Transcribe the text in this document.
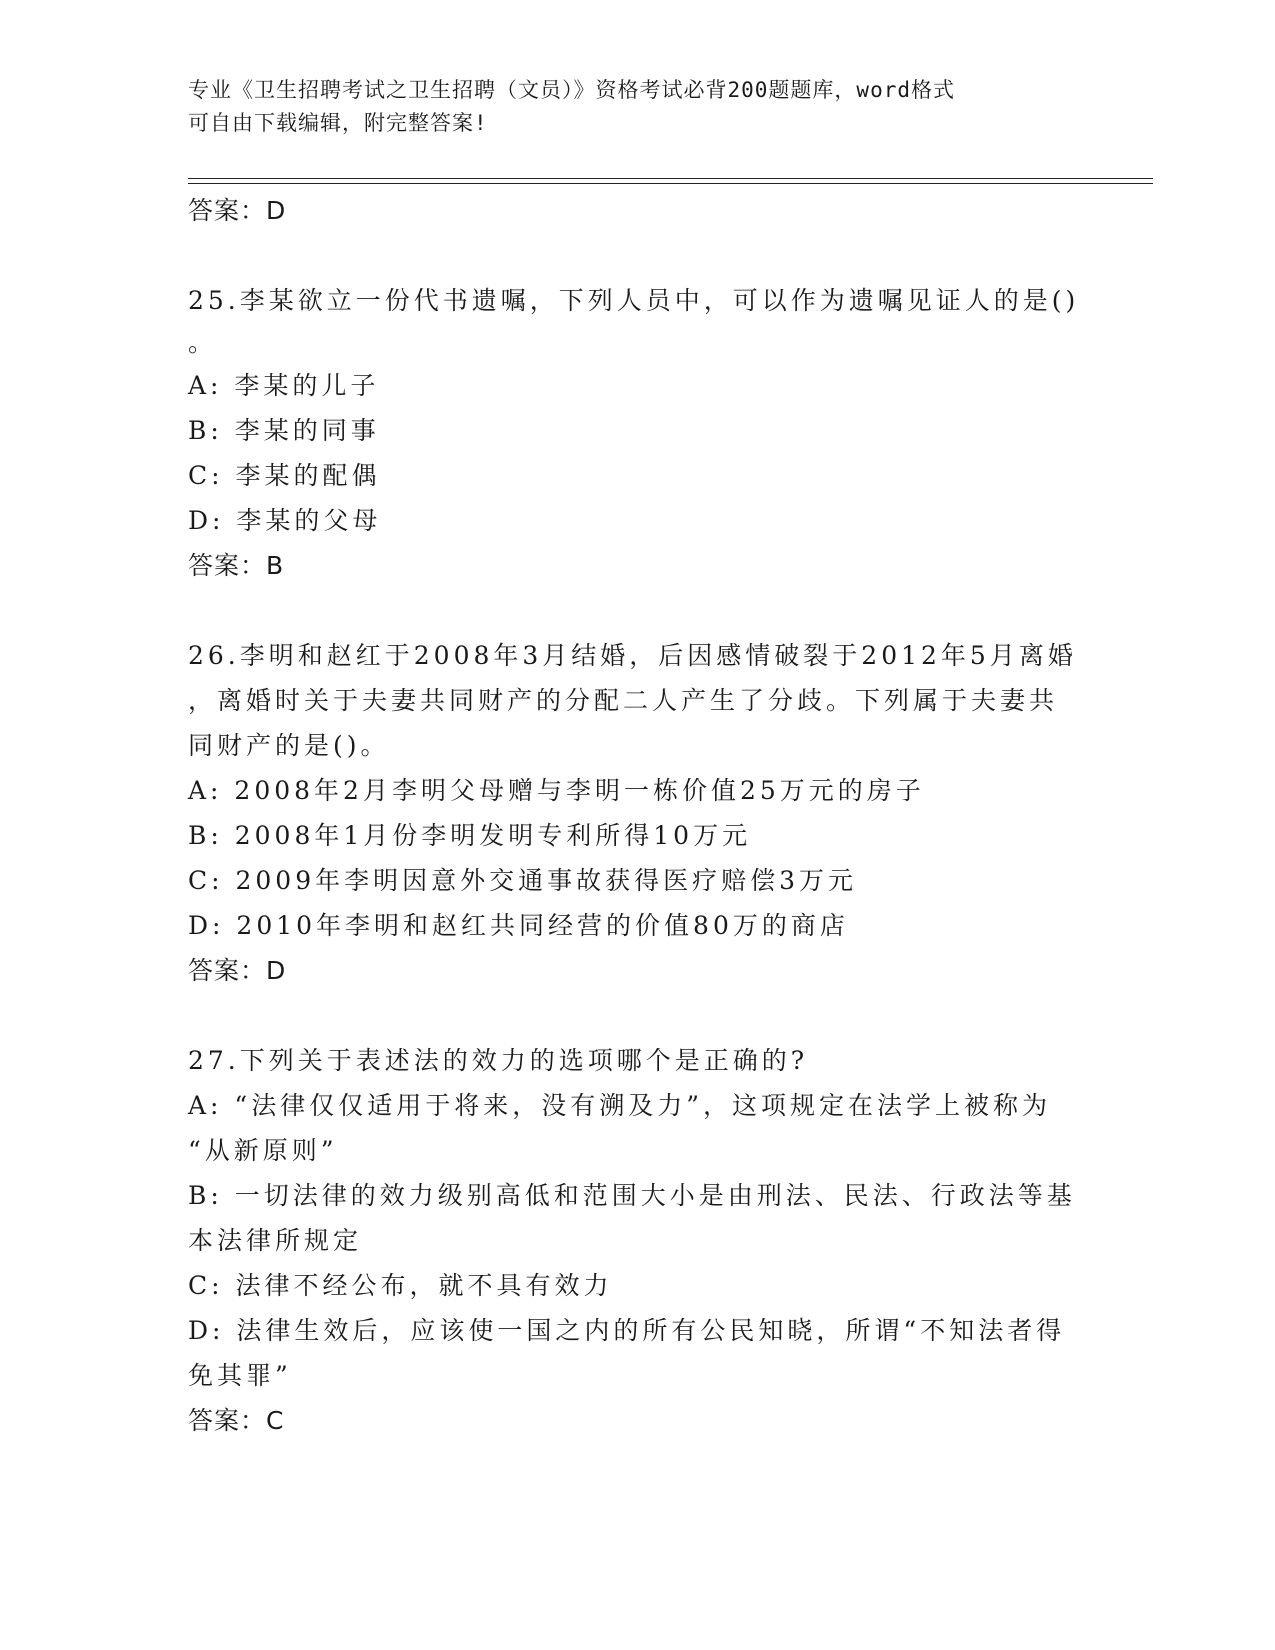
专业《卫生招聘考试之卫生招聘（文员）》资格考试必背200题题库，word格式
可自由下载编辑，附完整答案!
答案：D
25.李某欲立一份代书遗嘱，下列人员中，可以作为遗嘱见证人的是()
。
A: 李某的儿子
B: 李某的同事
C: 李某的配偶
D: 李某的父母
答案：B
26.李明和赵红于2008年3月结婚，后因感情破裂于2012年5月离婚
，离婚时关于夫妻共同财产的分配二人产生了分歧。下列属于夫妻共
同财产的是()。
A: 2008年2月李明父母赠与李明一栋价值25万元的房子
B: 2008年1月份李明发明专利所得10万元
C: 2009年李明因意外交通事故获得医疗赔偿3万元
D: 2010年李明和赵红共同经营的价值80万的商店
答案：D
27.下列关于表述法的效力的选项哪个是正确的?
A: “法律仅仅适用于将来，没有溯及力”，这项规定在法学上被称为
“从新原则”
B: 一切法律的效力级别高低和范围大小是由刑法、民法、行政法等基
本法律所规定
C: 法律不经公布，就不具有效力
D: 法律生效后，应该使一国之内的所有公民知晓，所谓“不知法者得
免其罪”
答案：C
